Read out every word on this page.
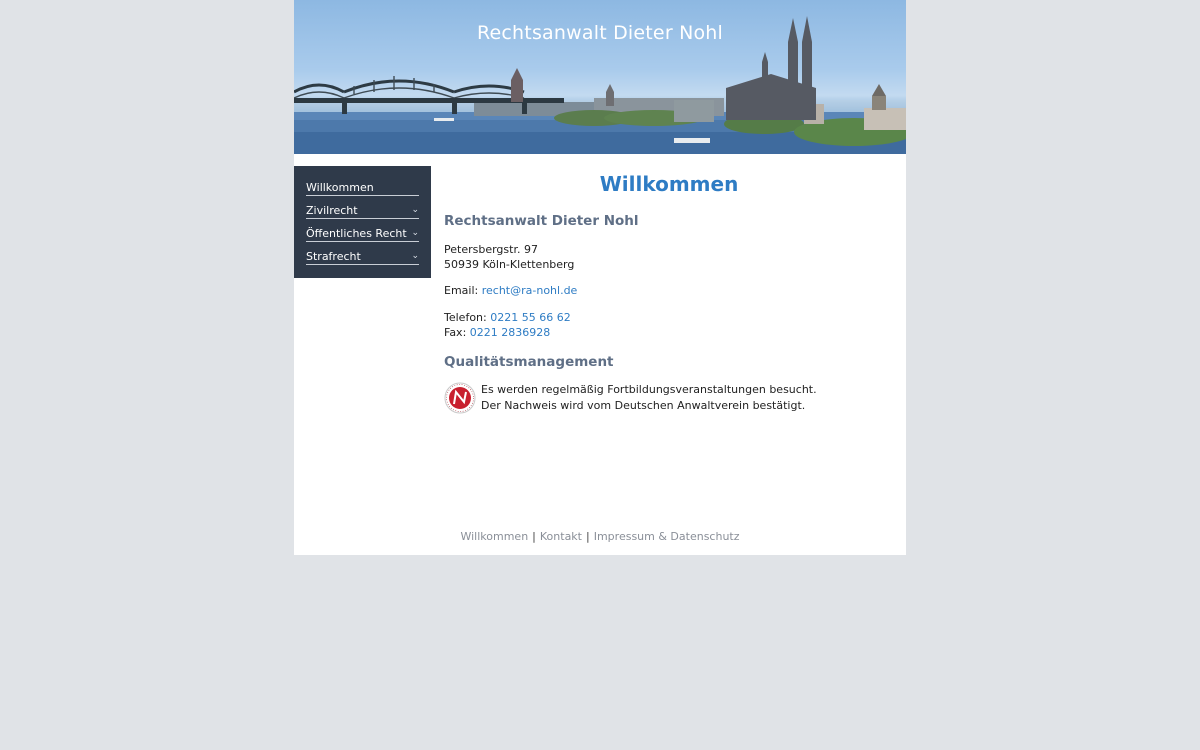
Rechtsanwalt Dieter Nohl
Willkommen
Zivilrecht	⌄
Öffentliches Recht ⌄
Strafrecht	⌄
Willkommen
Rechtsanwalt Dieter Nohl
Petersbergstr. 97
50939 Köln-Klettenberg
Email: recht@ra-nohl.de
Telefon: 0221 55 66 62
Fax: 0221 2836928
Qualitätsmanagement
Es werden regelmäßig Fortbildungsveranstaltungen besucht.
Der Nachweis wird vom Deutschen Anwaltverein bestätigt.
Willkommen | Kontakt | Impressum & Datenschutz
